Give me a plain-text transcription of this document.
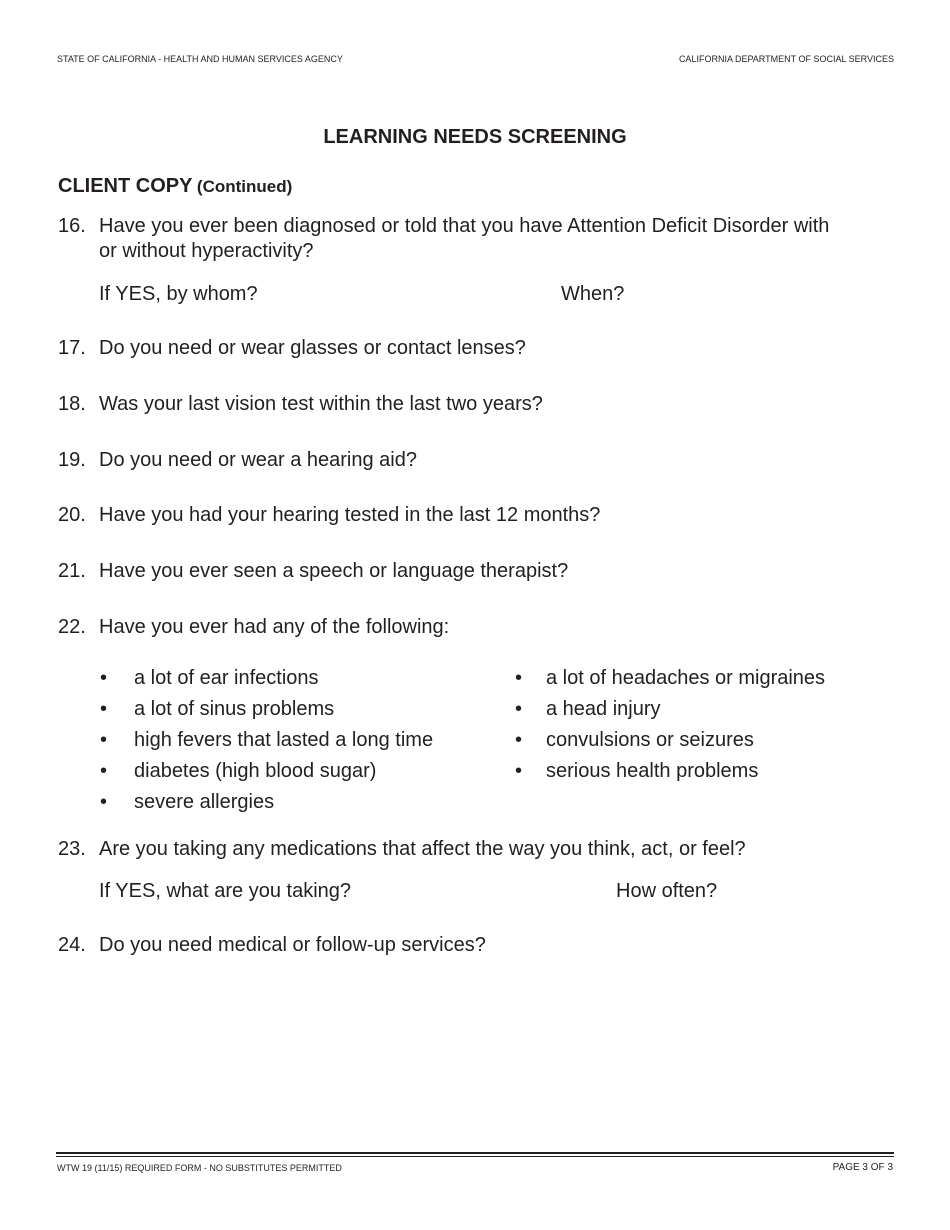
STATE OF CALIFORNIA - HEALTH AND HUMAN SERVICES AGENCY	CALIFORNIA DEPARTMENT OF SOCIAL SERVICES
LEARNING NEEDS SCREENING
CLIENT COPY (Continued)
16. Have you ever been diagnosed or told that you have Attention Deficit Disorder with
or without hyperactivity?
If YES, by whom?	When?
17. Do you need or wear glasses or contact lenses?
18. Was your last vision test within the last two years?
19. Do you need or wear a hearing aid?
20. Have you had your hearing tested in the last 12 months?
21. Have you ever seen a speech or language therapist?
22. Have you ever had any of the following:
• a lot of ear infections
• a lot of sinus problems
• high fevers that lasted a long time
• diabetes (high blood sugar)
• severe allergies
• a lot of headaches or migraines
• a head injury
• convulsions or seizures
• serious health problems
23. Are you taking any medications that affect the way you think, act, or feel?
If YES, what are you taking?	How often?
24. Do you need medical or follow-up services?
WTW 19 (11/15) REQUIRED FORM - NO SUBSTITUTES PERMITTED	PAGE 3 OF 3
